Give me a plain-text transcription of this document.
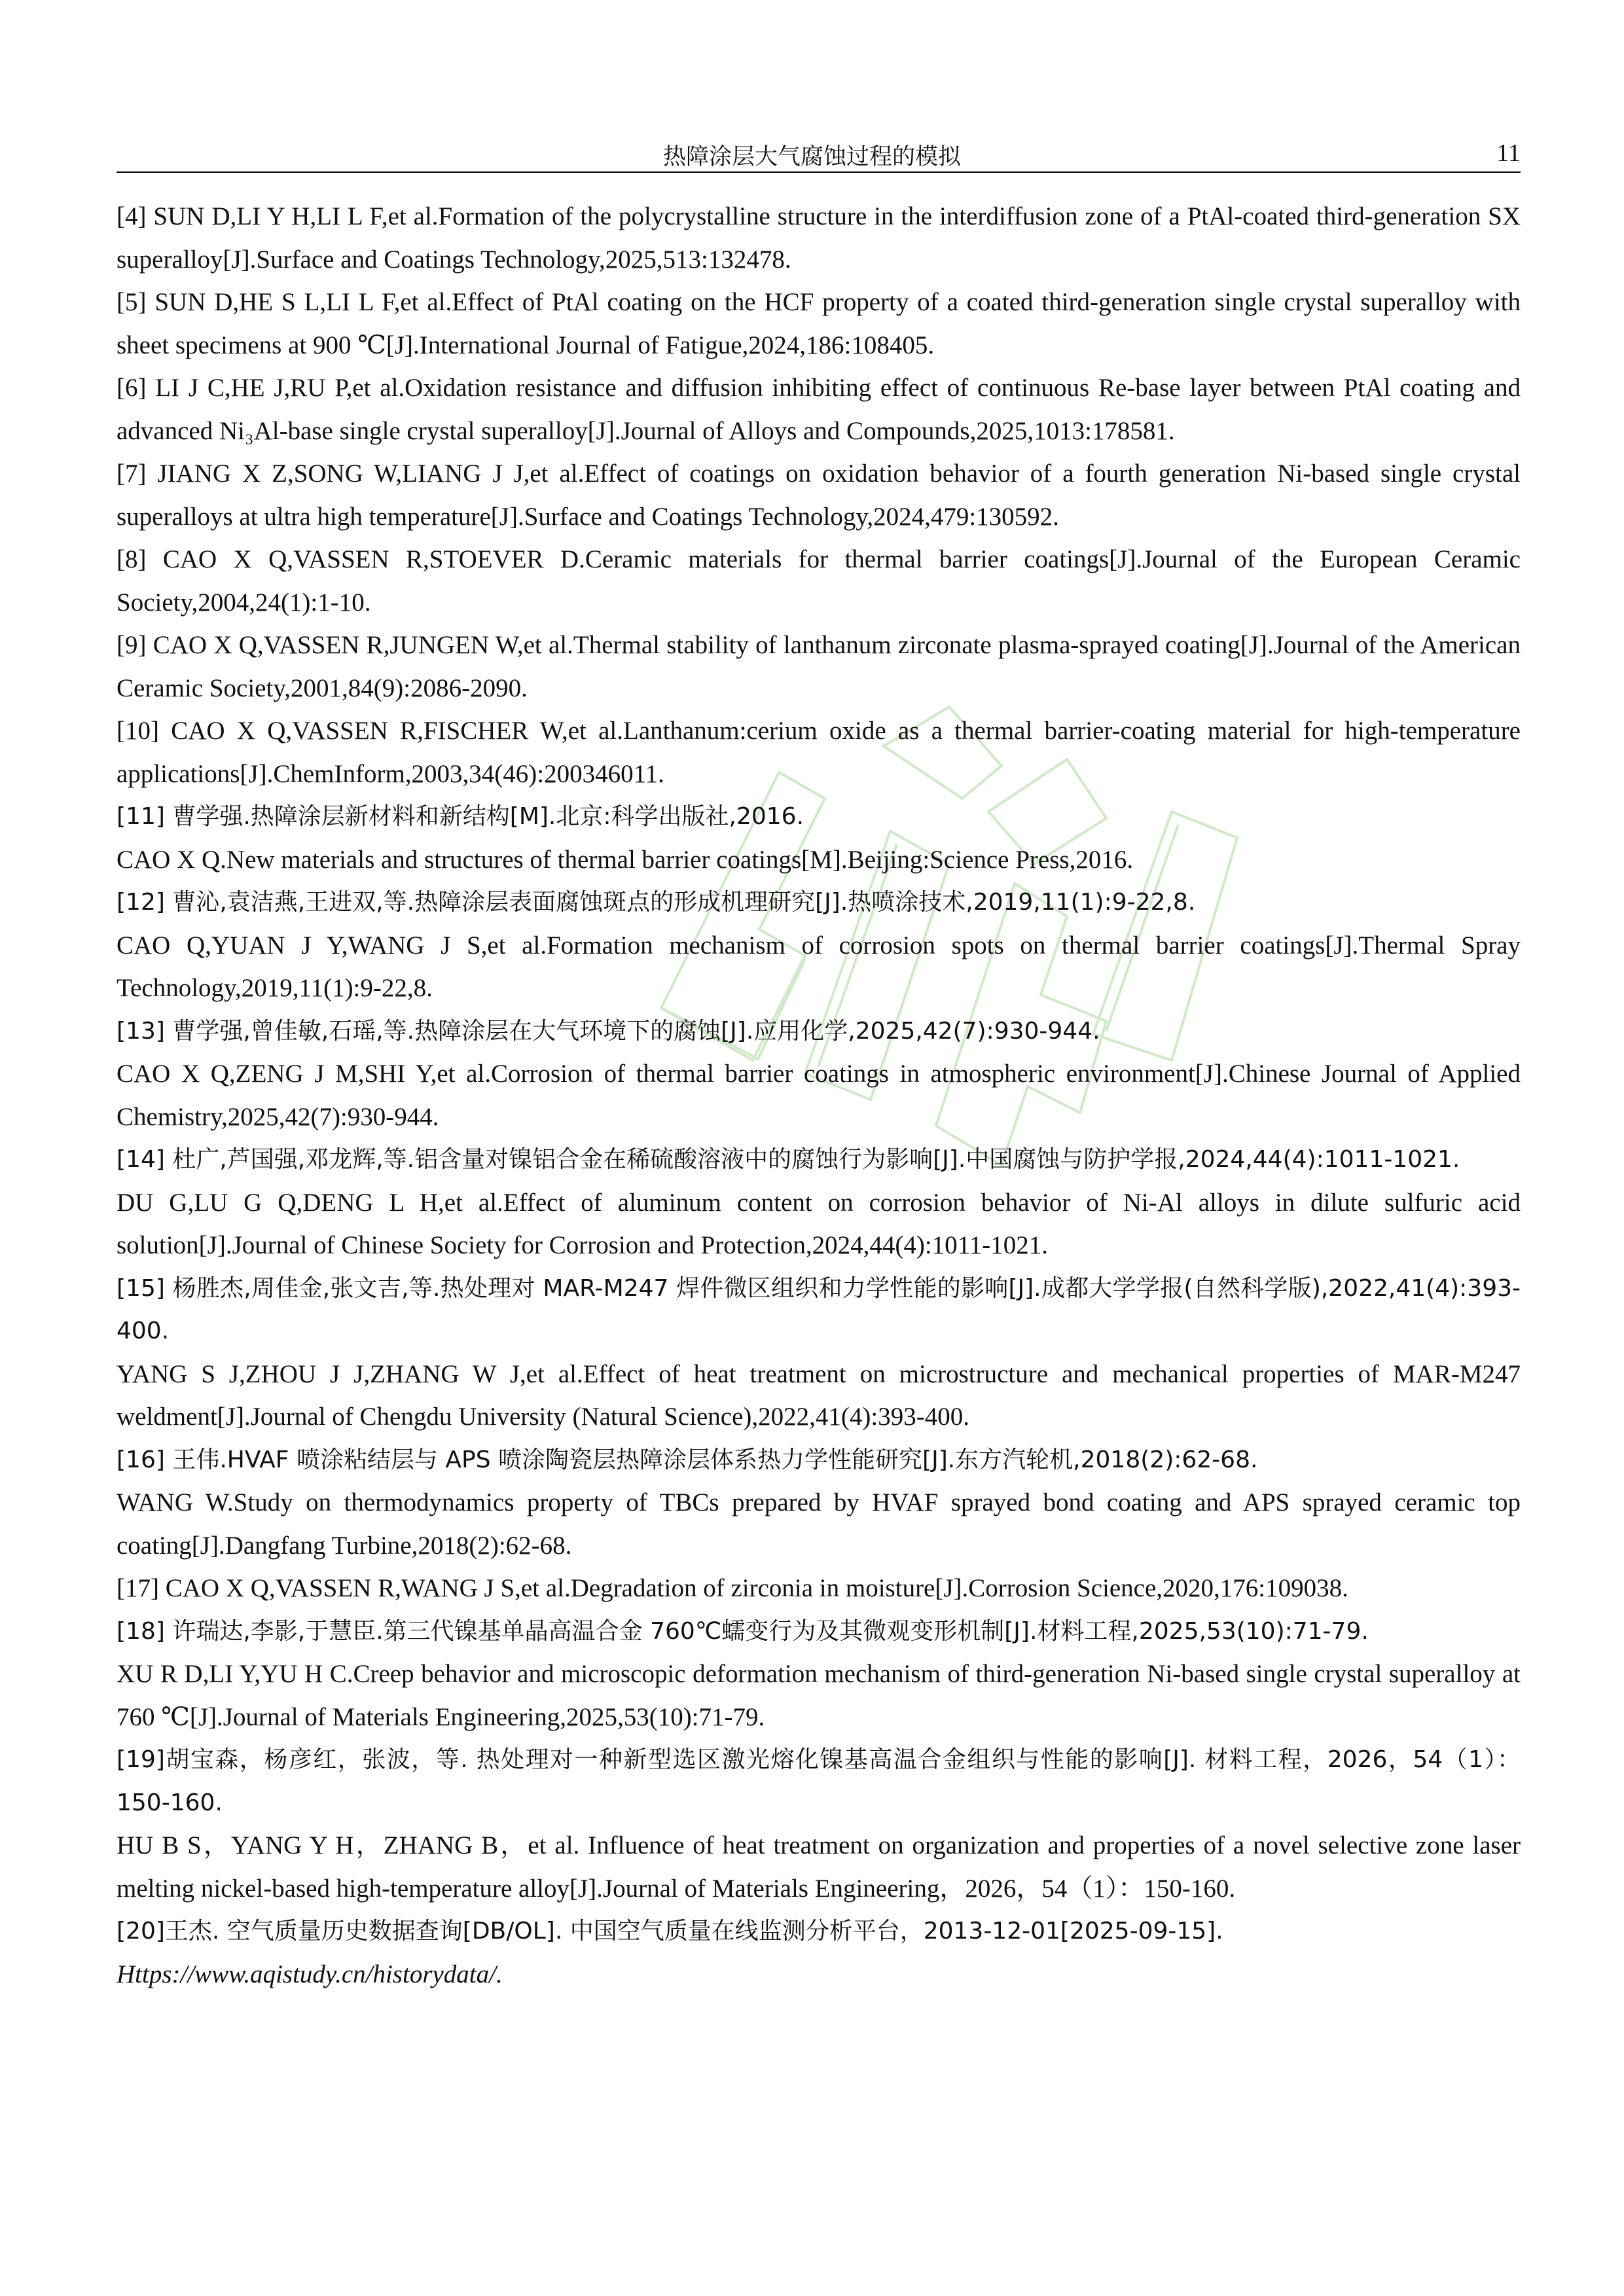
热障涂层大气腐蚀过程的模拟	11

[4] SUN D,LI Y H,LI L F,et al.Formation of the polycrystalline structure in the interdiffusion zone of a PtAl-coated third-generation SX superalloy[J].Surface and Coatings Technology,2025,513:132478.

[5] SUN D,HE S L,LI L F,et al.Effect of PtAl coating on the HCF property of a coated third-generation single crystal superalloy with sheet specimens at 900 ℃[J].International Journal of Fatigue,2024,186:108405.

[6] LI J C,HE J,RU P,et al.Oxidation resistance and diffusion inhibiting effect of continuous Re-base layer between PtAl coating and advanced Ni₃Al-base single crystal superalloy[J].Journal of Alloys and Compounds,2025,1013:178581.

[7] JIANG X Z,SONG W,LIANG J J,et al.Effect of coatings on oxidation behavior of a fourth generation Ni-based single crystal superalloys at ultra high temperature[J].Surface and Coatings Technology,2024,479:130592.

[8] CAO X Q,VASSEN R,STOEVER D.Ceramic materials for thermal barrier coatings[J].Journal of the European Ceramic Society,2004,24(1):1-10.

[9] CAO X Q,VASSEN R,JUNGEN W,et al.Thermal stability of lanthanum zirconate plasma-sprayed coating[J].Journal of the American Ceramic Society,2001,84(9):2086-2090.

[10] CAO X Q,VASSEN R,FISCHER W,et al.Lanthanum:cerium oxide as a thermal barrier-coating material for high-temperature applications[J].ChemInform,2003,34(46):200346011.

[11] 曹学强.热障涂层新材料和新结构[M].北京:科学出版社,2016.

CAO X Q.New materials and structures of thermal barrier coatings[M].Beijing:Science Press,2016.

[12] 曹沁,袁洁燕,王进双,等.热障涂层表面腐蚀斑点的形成机理研究[J].热喷涂技术,2019,11(1):9-22,8.

CAO Q,YUAN J Y,WANG J S,et al.Formation mechanism of corrosion spots on thermal barrier coatings[J].Thermal Spray Technology,2019,11(1):9-22,8.

[13] 曹学强,曾佳敏,石瑶,等.热障涂层在大气环境下的腐蚀[J].应用化学,2025,42(7):930-944.

CAO X Q,ZENG J M,SHI Y,et al.Corrosion of thermal barrier coatings in atmospheric environment[J].Chinese Journal of Applied Chemistry,2025,42(7):930-944.

[14] 杜广,芦国强,邓龙辉,等.铝含量对镍铝合金在稀硫酸溶液中的腐蚀行为影响[J].中国腐蚀与防护学报,2024,44(4):1011-1021.

DU G,LU G Q,DENG L H,et al.Effect of aluminum content on corrosion behavior of Ni-Al alloys in dilute sulfuric acid solution[J].Journal of Chinese Society for Corrosion and Protection,2024,44(4):1011-1021.

[15] 杨胜杰,周佳金,张文吉,等.热处理对 MAR-M247 焊件微区组织和力学性能的影响[J].成都大学学报(自然科学版),2022,41(4):393-400.

YANG S J,ZHOU J J,ZHANG W J,et al.Effect of heat treatment on microstructure and mechanical properties of MAR-M247 weldment[J].Journal of Chengdu University (Natural Science),2022,41(4):393-400.

[16] 王伟.HVAF 喷涂粘结层与 APS 喷涂陶瓷层热障涂层体系热力学性能研究[J].东方汽轮机,2018(2):62-68.

WANG W.Study on thermodynamics property of TBCs prepared by HVAF sprayed bond coating and APS sprayed ceramic top coating[J].Dangfang Turbine,2018(2):62-68.

[17] CAO X Q,VASSEN R,WANG J S,et al.Degradation of zirconia in moisture[J].Corrosion Science,2020,176:109038.

[18] 许瑞达,李影,于慧臣.第三代镍基单晶高温合金 760℃蠕变行为及其微观变形机制[J].材料工程,2025,53(10):71-79.

XU R D,LI Y,YU H C.Creep behavior and microscopic deformation mechanism of third-generation Ni-based single crystal superalloy at 760 ℃[J].Journal of Materials Engineering,2025,53(10):71-79.

[19]胡宝森，杨彦红，张波，等. 热处理对一种新型选区激光熔化镍基高温合金组织与性能的影响[J]. 材料工程，2026，54（1）：150-160.

HU B S，YANG Y H，ZHANG B，et al. Influence of heat treatment on organization and properties of a novel selective zone laser melting nickel-based high-temperature alloy[J].Journal of Materials Engineering，2026，54（1）：150-160.

[20]王杰. 空气质量历史数据查询[DB/OL]. 中国空气质量在线监测分析平台，2013-12-01[2025-09-15].

Https://www.aqistudy.cn/historydata/.
